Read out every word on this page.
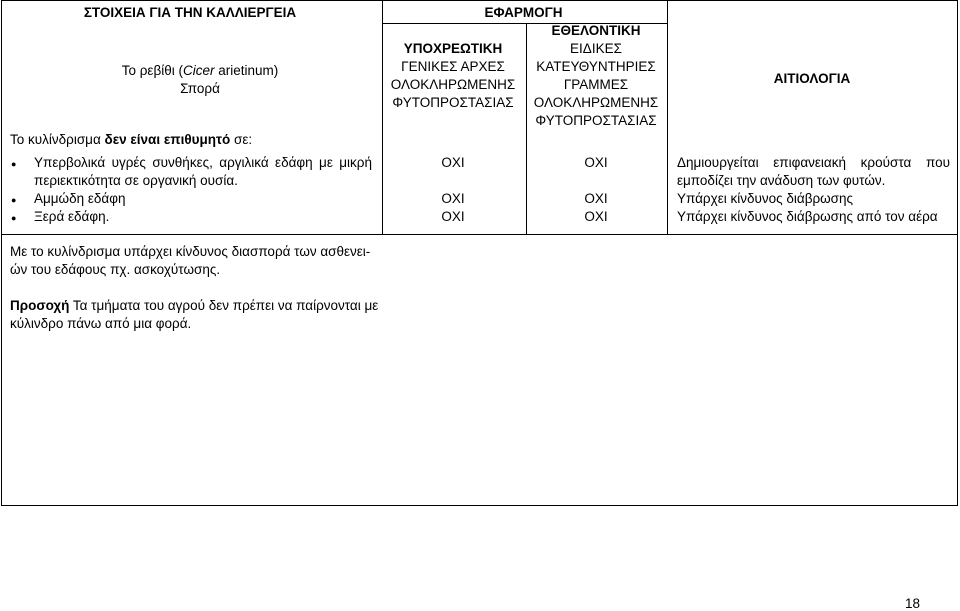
ΣΤΟΙΧΕΙΑ ΓΙΑ ΤΗΝ ΚΑΛΛΙΕΡΓΕΙΑ
Το ρεβίθι (Cicer arietinum)
Σπορά
ΕΦΑΡΜΟΓΗ
ΥΠΟΧΡΕΩΤΙΚΗ
ΓΕΝΙΚΕΣ ΑΡΧΕΣ
ΟΛΟΚΛΗΡΩΜΕΝΗΣ
ΦΥΤΟΠΡΟΣΤΑΣΙΑΣ
ΕΘΕΛΟΝΤΙΚΗ
ΕΙΔΙΚΕΣ
ΚΑΤΕΥΘΥΝΤΗΡΙΕΣ
ΓΡΑΜΜΕΣ
ΟΛΟΚΛΗΡΩΜΕΝΗΣ
ΦΥΤΟΠΡΟΣΤΑΣΙΑΣ
ΑΙΤΙΟΛΟΓΙΑ
Το κυλίνδρισμα δεν είναι επιθυμητό σε:
● Υπερβολικά υγρές συνθήκες, αργιλικά εδάφη με μικρή
περιεκτικότητα σε οργανική ουσία.
● Αμμώδη εδάφη
● Ξερά εδάφη.
ΟΧΙ
ΟΧΙ
ΟΧΙ
ΟΧΙ
ΟΧΙ
ΟΧΙ
Δημιουργείται επιφανειακή κρούστα που
εμποδίζει την ανάδυση των φυτών.
Υπάρχει κίνδυνος διάβρωσης
Υπάρχει κίνδυνος διάβρωσης από τον αέρα
Με το κυλίνδρισμα υπάρχει κίνδυνος διασπορά των ασθενει-
ών του εδάφους πχ. ασκοχύτωσης.
Προσοχή Τα τμήματα του αγρού δεν πρέπει να παίρνονται με
κύλινδρο πάνω από μια φορά.
18
